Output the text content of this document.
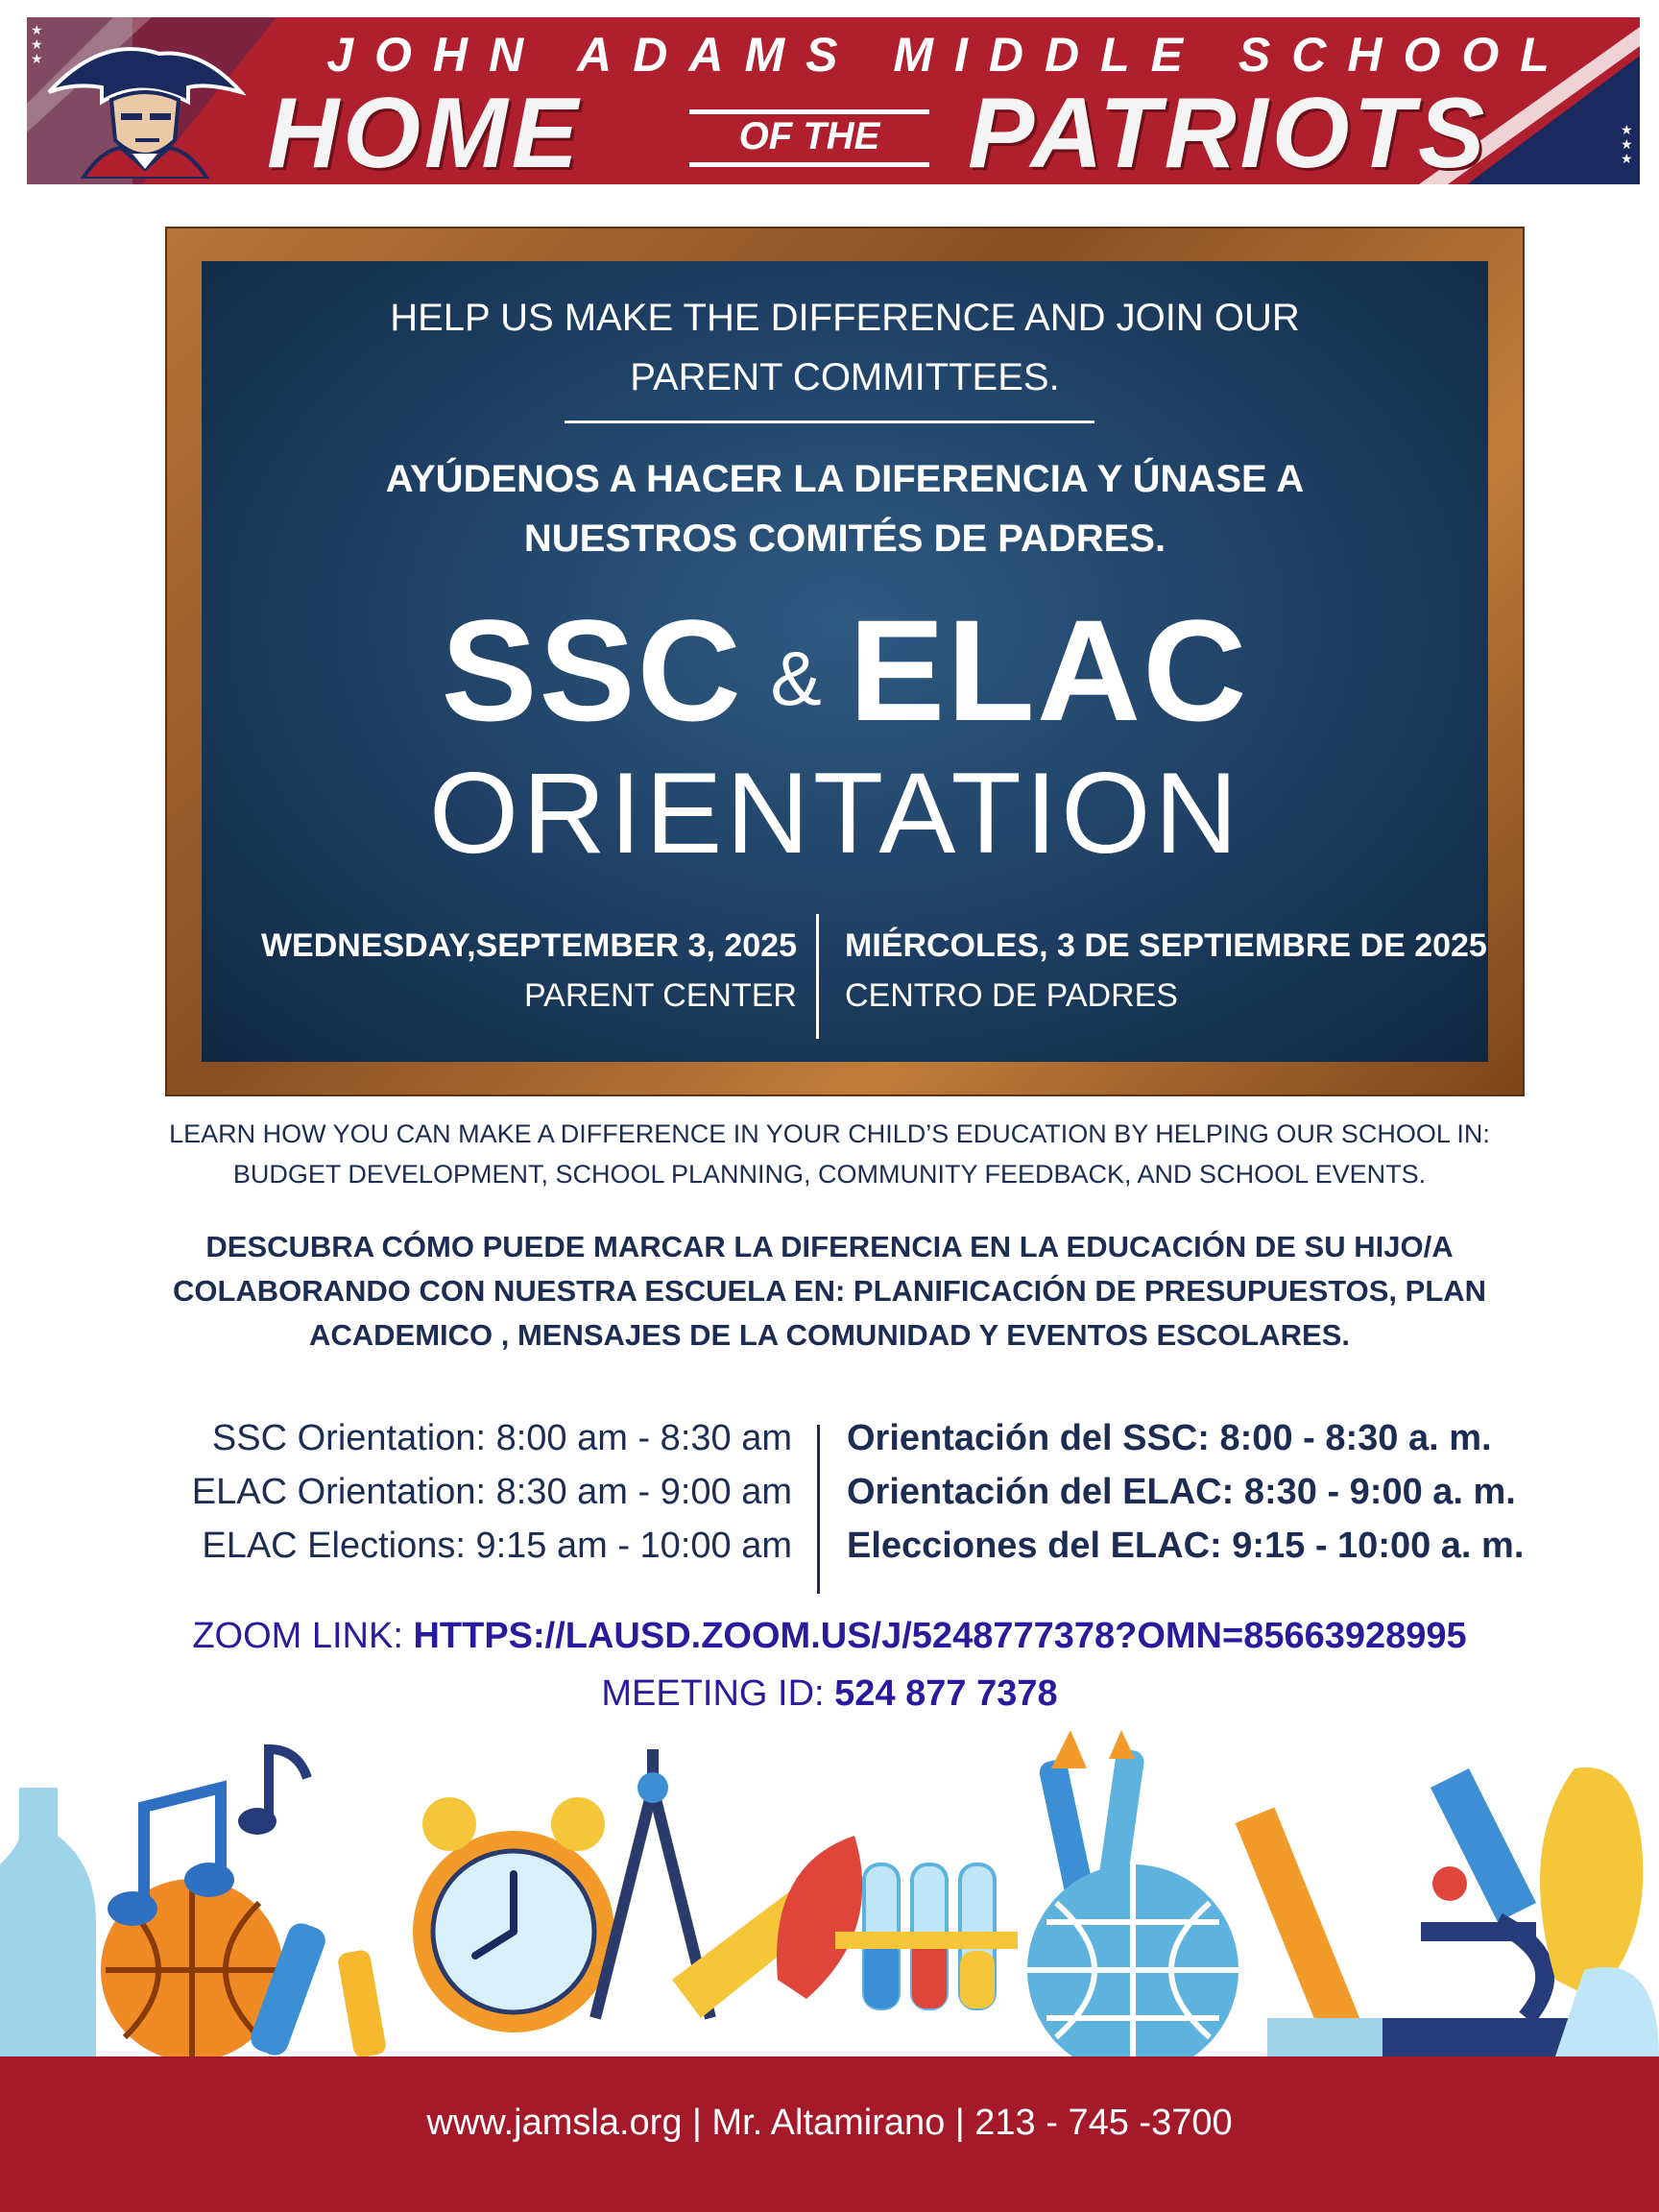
★
★
★
★
★
★
JOHN ADAMS MIDDLE SCHOOL
HOME	OF THE PATRIOTS
HELP US MAKE THE DIFFERENCE AND JOIN OUR
PARENT COMMITTEES.
AYÚDENOS A HACER LA DIFERENCIA Y ÚNASE A
NUESTROS COMITÉS DE PADRES.
SSC & ELAC
ORIENTATION
WEDNESDAY,SEPTEMBER 3, 2025
PARENT CENTER
MIÉRCOLES, 3 DE SEPTIEMBRE DE 2025
CENTRO DE PADRES
LEARN HOW YOU CAN MAKE A DIFFERENCE IN YOUR CHILD’S EDUCATION BY HELPING OUR SCHOOL IN:
BUDGET DEVELOPMENT, SCHOOL PLANNING, COMMUNITY FEEDBACK, AND SCHOOL EVENTS.
DESCUBRA CÓMO PUEDE MARCAR LA DIFERENCIA EN LA EDUCACIÓN DE SU HIJO/A
COLABORANDO CON NUESTRA ESCUELA EN: PLANIFICACIÓN DE PRESUPUESTOS, PLAN
ACADEMICO , MENSAJES DE LA COMUNIDAD Y EVENTOS ESCOLARES.
SSC Orientation: 8:00 am - 8:30 am
ELAC Orientation: 8:30 am - 9:00 am
ELAC Elections: 9:15 am - 10:00 am
Orientación del SSC: 8:00 - 8:30 a. m.
Orientación del ELAC: 8:30 - 9:00 a. m.
Elecciones del ELAC: 9:15 - 10:00 a. m.
ZOOM LINK: HTTPS://LAUSD.ZOOM.US/J/5248777378?OMN=85663928995
MEETING ID: 524 877 7378
www.jamsla.org | Mr. Altamirano | 213 - 745 -3700
